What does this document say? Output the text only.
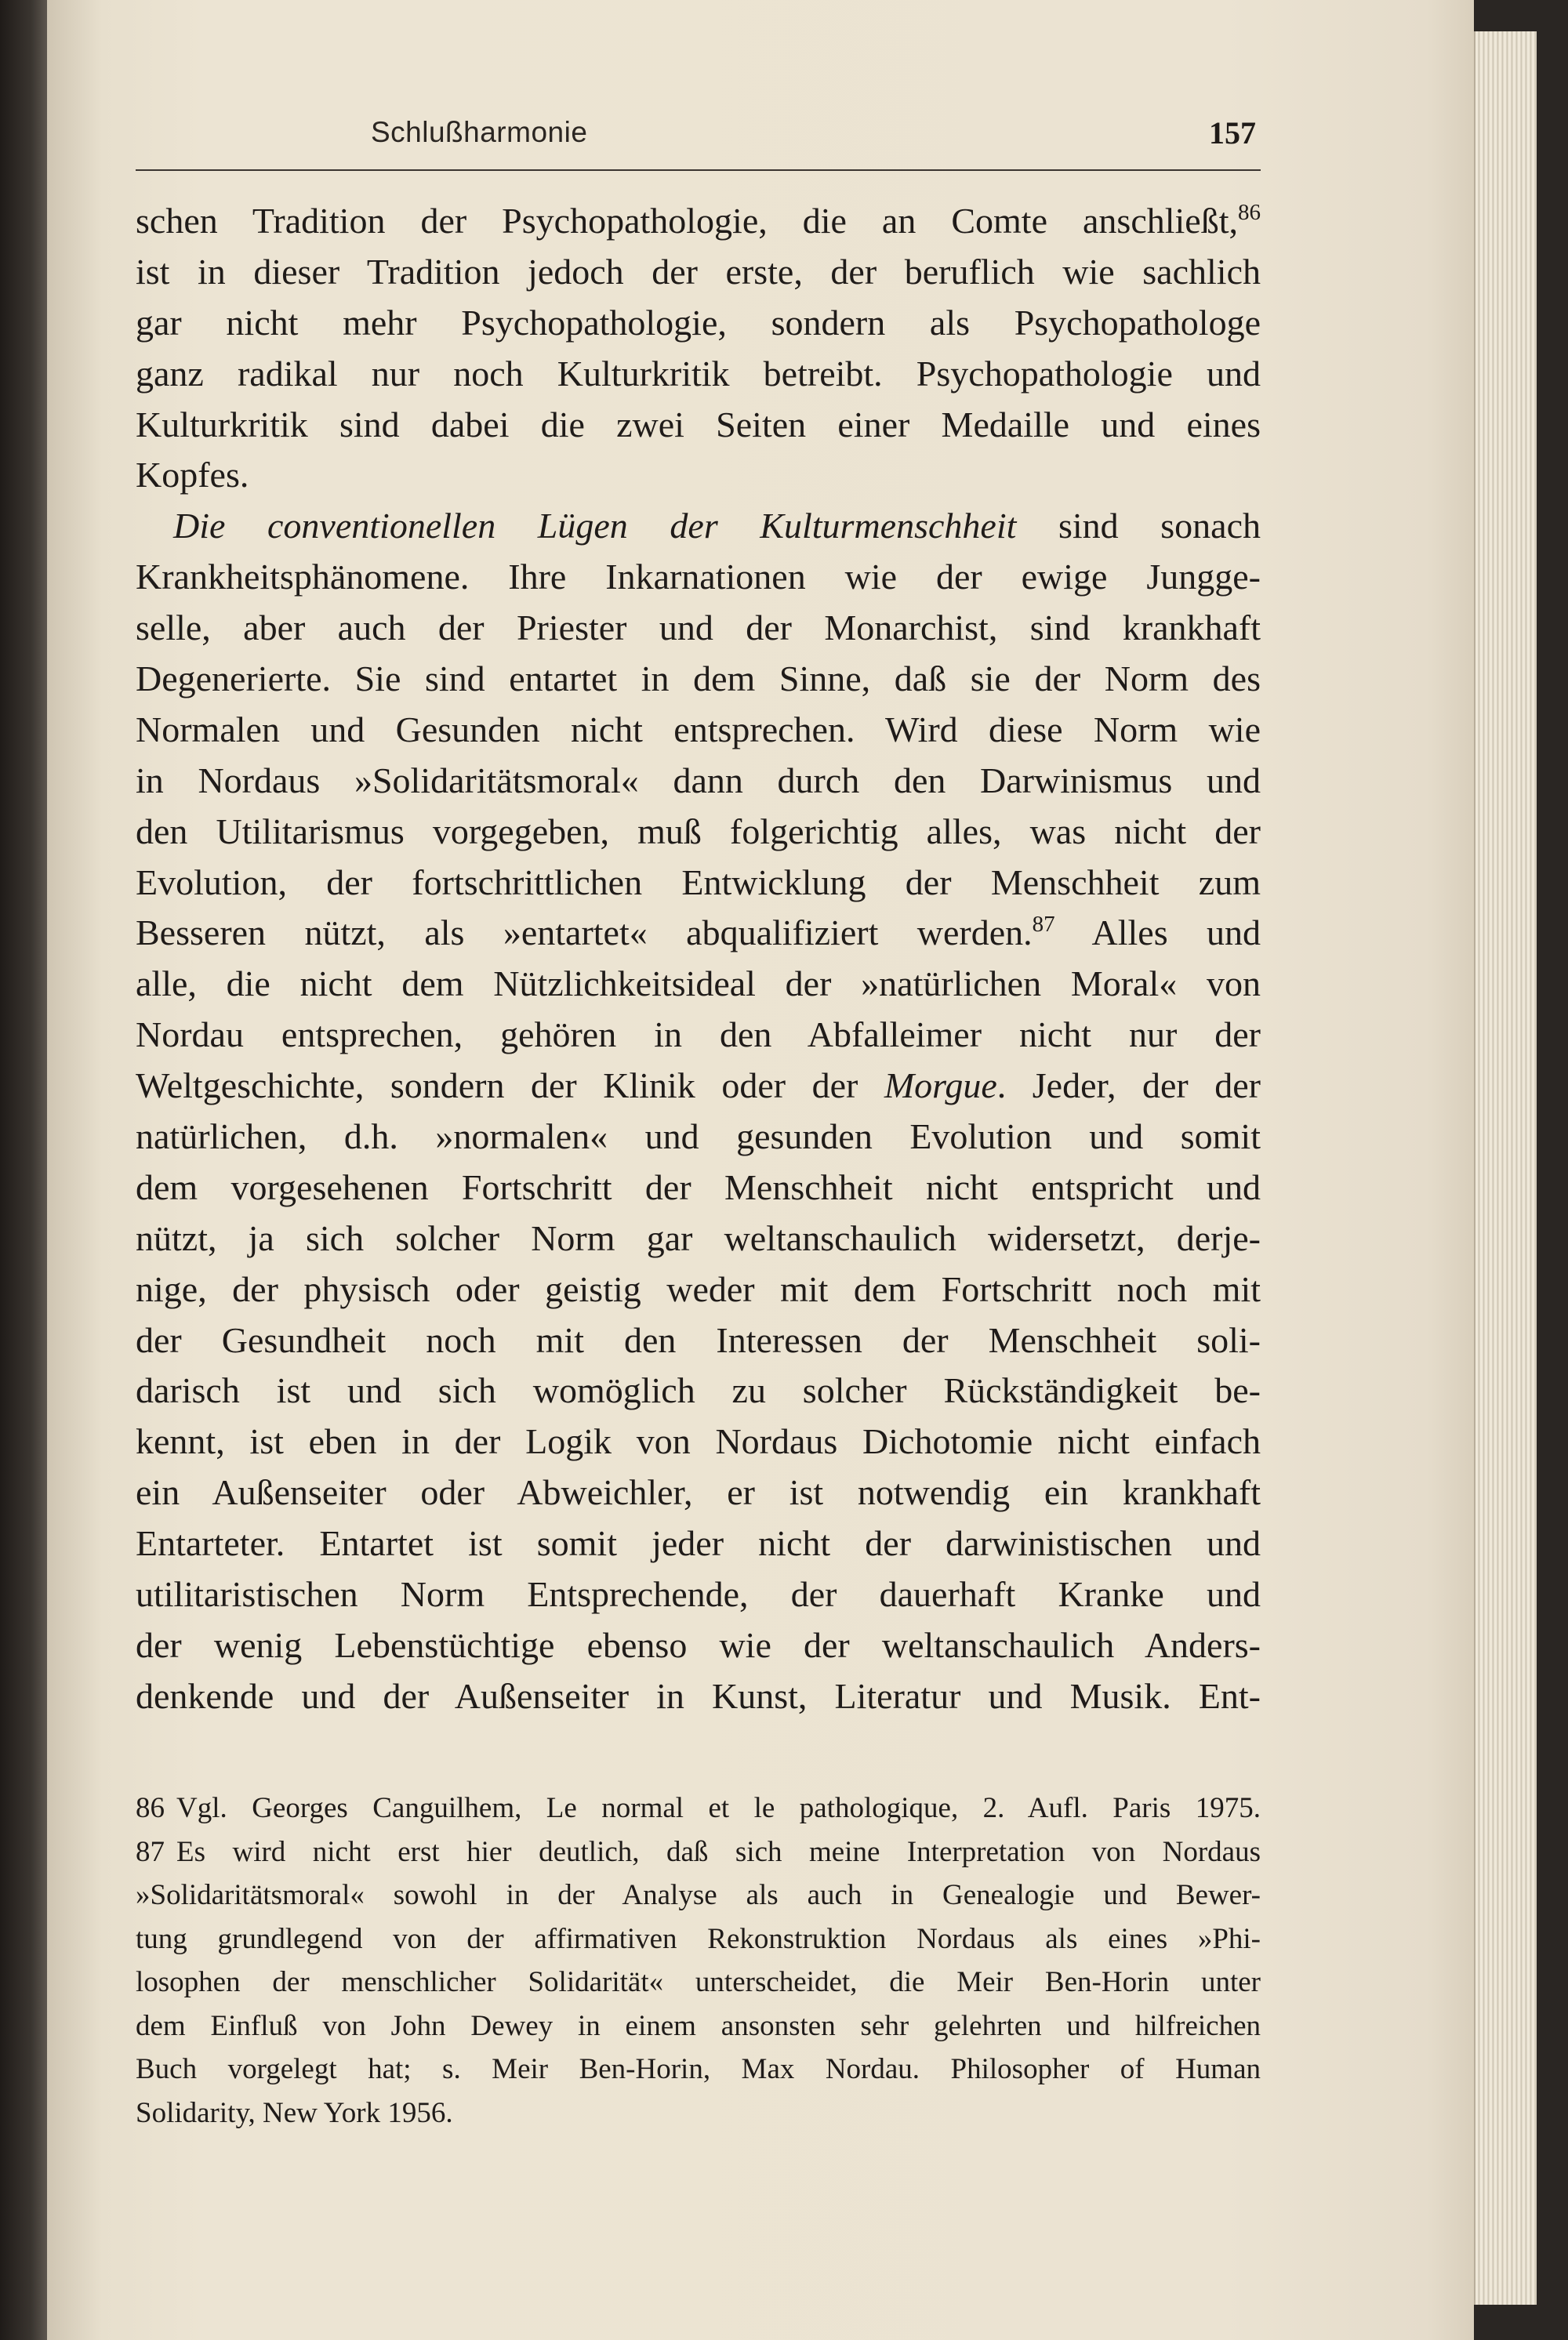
Schlußharmonie	157
schen Tradition der Psychopathologie, die an Comte anschließt,$^{86}$
ist in dieser Tradition jedoch der erste, der beruflich wie sachlich
gar nicht mehr Psychopathologie, sondern als Psychopathologe
ganz radikal nur noch Kulturkritik betreibt. Psychopathologie und
Kulturkritik sind dabei die zwei Seiten einer Medaille und eines
Kopfes.
Die conventionellen Lügen der Kulturmenschheit sind sonach
Krankheitsphänomene. Ihre Inkarnationen wie der ewige Jungge-
selle, aber auch der Priester und der Monarchist, sind krankhaft
Degenerierte. Sie sind entartet in dem Sinne, daß sie der Norm des
Normalen und Gesunden nicht entsprechen. Wird diese Norm wie
in Nordaus »Solidaritätsmoral« dann durch den Darwinismus und
den Utilitarismus vorgegeben, muß folgerichtig alles, was nicht der
Evolution, der fortschrittlichen Entwicklung der Menschheit zum
Besseren nützt, als »entartet« abqualifiziert werden.$^{87}$ Alles und
alle, die nicht dem Nützlichkeitsideal der »natürlichen Moral« von
Nordau entsprechen, gehören in den Abfalleimer nicht nur der
Weltgeschichte, sondern der Klinik oder der Morgue. Jeder, der der
natürlichen, d.h. »normalen« und gesunden Evolution und somit
dem vorgesehenen Fortschritt der Menschheit nicht entspricht und
nützt, ja sich solcher Norm gar weltanschaulich widersetzt, derje-
nige, der physisch oder geistig weder mit dem Fortschritt noch mit
der Gesundheit noch mit den Interessen der Menschheit soli-
darisch ist und sich womöglich zu solcher Rückständigkeit be-
kennt, ist eben in der Logik von Nordaus Dichotomie nicht einfach
ein Außenseiter oder Abweichler, er ist notwendig ein krankhaft
Entarteter. Entartet ist somit jeder nicht der darwinistischen und
utilitaristischen Norm Entsprechende, der dauerhaft Kranke und
der wenig Lebenstüchtige ebenso wie der weltanschaulich Anders-
denkende und der Außenseiter in Kunst, Literatur und Musik. Ent-
86 Vgl. Georges Canguilhem, Le normal et le pathologique, 2. Aufl. Paris 1975.
87 Es wird nicht erst hier deutlich, daß sich meine Interpretation von Nordaus
»Solidaritätsmoral« sowohl in der Analyse als auch in Genealogie und Bewer-
tung grundlegend von der affirmativen Rekonstruktion Nordaus als eines »Phi-
losophen der menschlicher Solidarität« unterscheidet, die Meir Ben-Horin unter
dem Einfluß von John Dewey in einem ansonsten sehr gelehrten und hilfreichen
Buch vorgelegt hat; s. Meir Ben-Horin, Max Nordau. Philosopher of Human
Solidarity, New York 1956.
